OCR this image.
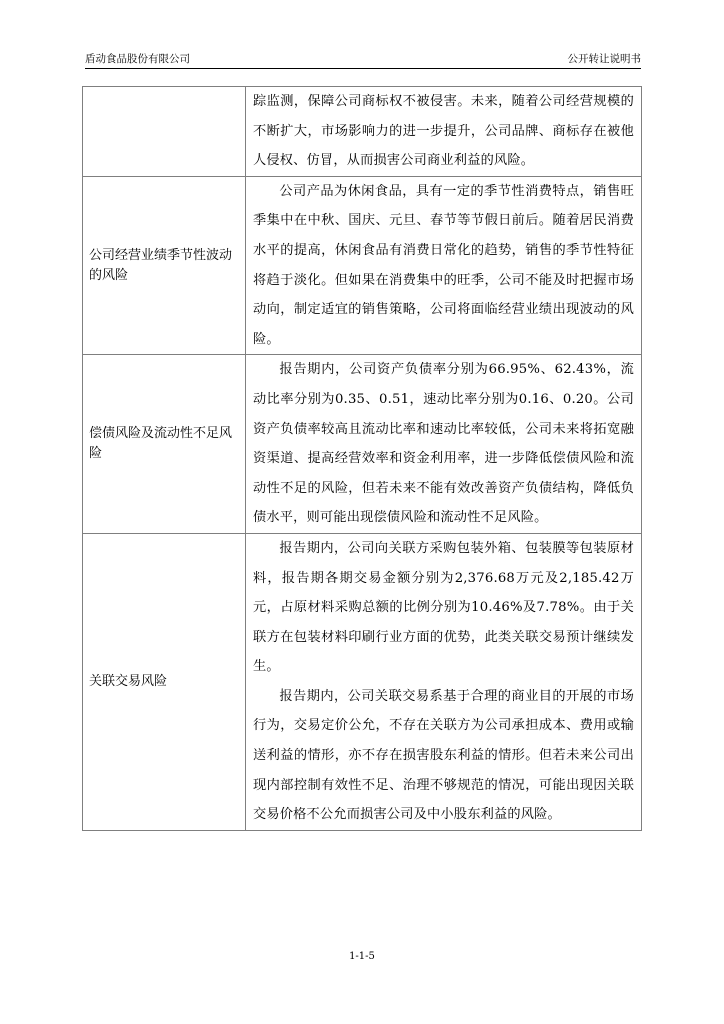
盾动食品股份有限公司	公开转让说明书

	踪监测，保障公司商标权不被侵害。未来，随着公司经营规模的不断扩大，市场影响力的进一步提升，公司品牌、商标存在被他人侵权、仿冒，从而损害公司商业利益的风险。

公司经营业绩季节性波动的风险	公司产品为休闲食品，具有一定的季节性消费特点，销售旺季集中在中秋、国庆、元旦、春节等节假日前后。随着居民消费水平的提高，休闲食品有消费日常化的趋势，销售的季节性特征将趋于淡化。但如果在消费集中的旺季，公司不能及时把握市场动向，制定适宜的销售策略，公司将面临经营业绩出现波动的风险。

偿债风险及流动性不足风险	报告期内，公司资产负债率分别为66.95%、62.43%，流动比率分别为0.35、0.51，速动比率分别为0.16、0.20。公司资产负债率较高且流动比率和速动比率较低，公司未来将拓宽融资渠道、提高经营效率和资金利用率，进一步降低偿债风险和流动性不足的风险，但若未来不能有效改善资产负债结构，降低负债水平，则可能出现偿债风险和流动性不足风险。

关联交易风险	报告期内，公司向关联方采购包装外箱、包装膜等包装原材料，报告期各期交易金额分别为2,376.68万元及2,185.42万元，占原材料采购总额的比例分别为10.46%及7.78%。由于关联方在包装材料印刷行业方面的优势，此类关联交易预计继续发生。

报告期内，公司关联交易系基于合理的商业目的开展的市场行为，交易定价公允，不存在关联方为公司承担成本、费用或输送利益的情形，亦不存在损害股东利益的情形。但若未来公司出现内部控制有效性不足、治理不够规范的情况，可能出现因关联交易价格不公允而损害公司及中小股东利益的风险。

1-1-5
